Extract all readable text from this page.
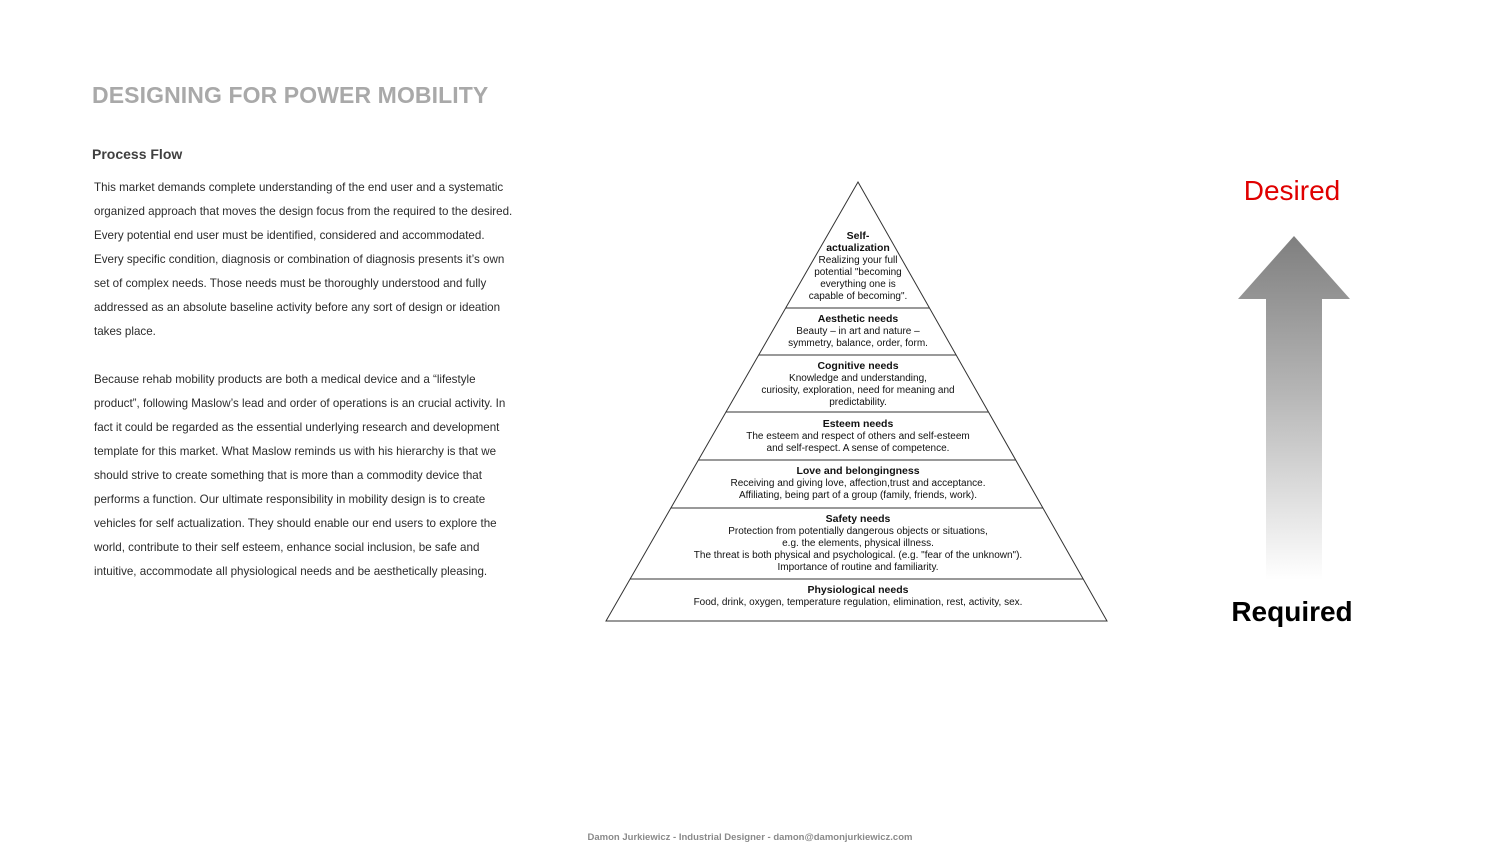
DESIGNING FOR POWER MOBILITY
Process Flow

This market demands complete understanding of the end user and a systematic organized approach that moves the design focus from the required to the desired. Every potential end user must be identified, considered and accommodated. Every specific condition, diagnosis or combination of diagnosis presents it’s own set of complex needs. Those needs must be thoroughly understood and fully addressed as an absolute baseline activity before any sort of design or ideation takes place.

Because rehab mobility products are both a medical device and a “lifestyle product”, following Maslow’s lead and order of operations is an crucial activity. In fact it could be regarded as the essential underlying research and development template for this market. What Maslow reminds us with his hierarchy is that we should strive to create something that is more than a commodity device that performs a function. Our ultimate responsibility in mobility design is to create vehicles for self actualization. They should enable our end users to explore the world, contribute to their self esteem, enhance social inclusion, be safe and intuitive, accommodate all physiological needs and be aesthetically pleasing.

Self-
actualization
Realizing your full
potential "becoming
everything one is
capable of becoming".
Aesthetic needs
Beauty – in art and nature –
symmetry, balance, order, form.
Cognitive needs
Knowledge and understanding,
curiosity, exploration, need for meaning and
predictability.
Esteem needs
The esteem and respect of others and self-esteem
and self-respect. A sense of competence.
Love and belongingness
Receiving and giving love, affection,trust and acceptance.
Affiliating, being part of a group (family, friends, work).
Safety needs
Protection from potentially dangerous objects or situations,
e.g. the elements, physical illness.
The threat is both physical and psychological. (e.g. "fear of the unknown").
Importance of routine and familiarity.
Physiological needs
Food, drink, oxygen, temperature regulation, elimination, rest, activity, sex.
Desired
Required
Damon Jurkiewicz - Industrial Designer - damon@damonjurkiewicz.com
